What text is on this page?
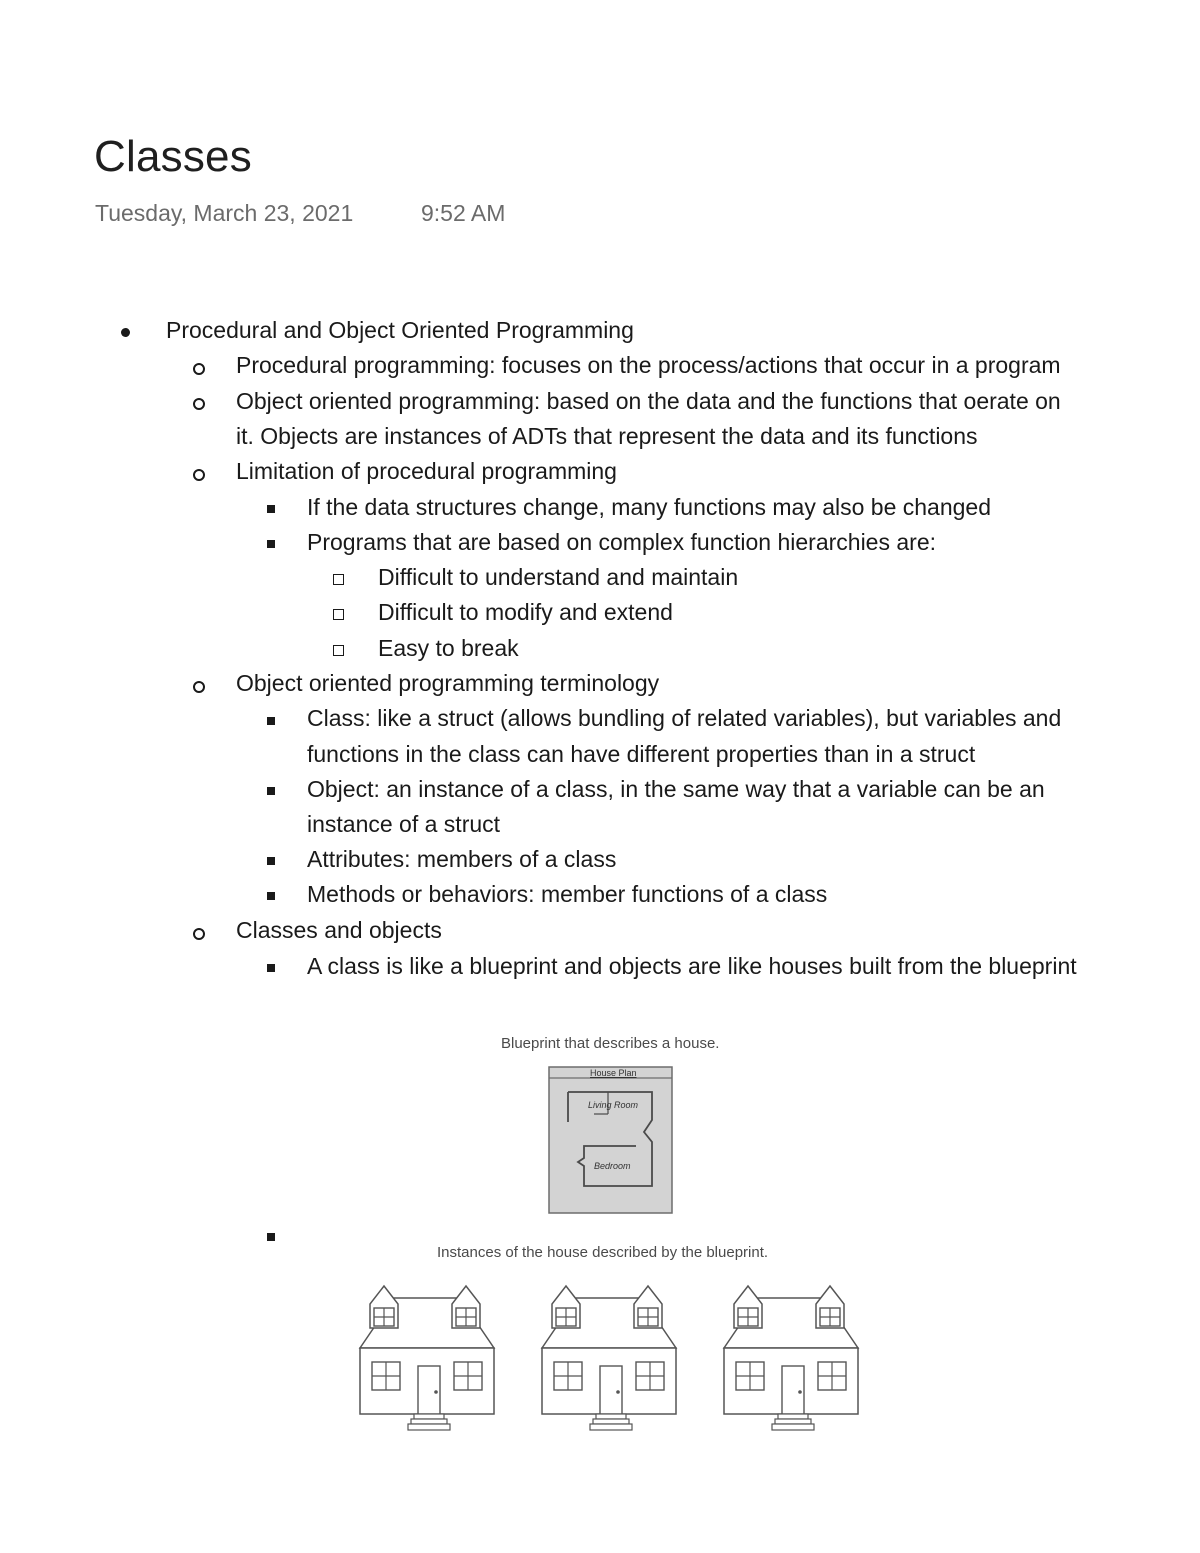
Classes
Tuesday, March 23, 2021	9:52 AM
Procedural and Object Oriented Programming
Procedural programming: focuses on the process/actions that occur in a program
Object oriented programming: based on the data and the functions that oerate on
it. Objects are instances of ADTs that represent the data and its functions
Limitation of procedural programming
If the data structures change, many functions may also be changed
Programs that are based on complex function hierarchies are:
Difficult to understand and maintain
Difficult to modify and extend
Easy to break
Object oriented programming terminology
Class: like a struct (allows bundling of related variables), but variables and
functions in the class can have different properties than in a struct
Object: an instance of a class, in the same way that a variable can be an
instance of a struct
Attributes: members of a class
Methods or behaviors: member functions of a class
Classes and objects
A class is like a blueprint and objects are like houses built from the blueprint
Blueprint that describes a house.
House Plan
Living Room
Bedroom
Instances of the house described by the blueprint.
